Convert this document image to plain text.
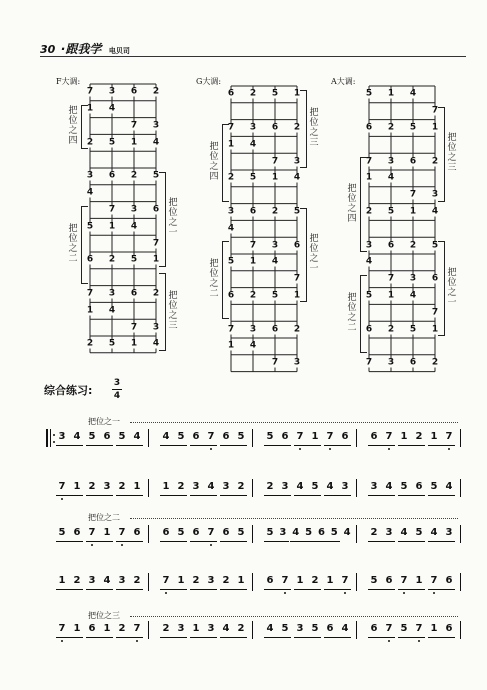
30 ·跟我学 电贝司
F大调:	G大调:	A大调:
7 3 6 2
1 4
7 3
2 5 1 4
3 6 2 5
4
7 3 6
5 1 4
7
6 2 5 1
7 3 6 2
1 4
7 3
2 5 1 4
把位之四
把位之一
把位之二
把位之三
6 2 5 1
7 3 6 2
1 4
7 3
2 5 1 4
3 6 2 5
4
7 3 6
5 1 4
7
6 2 5 1
7 3 6 2
1 4
7 3
把位之三
把位之四
把位之一
把位之二
5 1 4
7
6 2 5 1
7 3 6 2
1 4
7 3
2 5 1 4
3 6 2 5
4
7 3 6
5 1 4
7
6 2 5 1
7 3 6 2
把位之三
把位之四
把位之一
把位之二
综合练习:
3
4
把位之一
3 4 5 6 5 4 4 5 6 7 6 5 5 6 7 1 7 6 6 7 1 2 1 7
7 1 2 3 2 1 1 2 3 4 3 2 2 3 4 5 4 3 3 4 5 6 5 4
把位之二
5 6 7 1 7 6 6 5 6 7 6 5 5 3 4 5 6 5 4 2 3 4 5 4 3
1 2 3 4 3 2 7 1 2 3 2 1 6 7 1 2 1 7 5 6 7 1 7 6
把位之三
7 1 6 1 2 7 2 3 1 3 4 2 4 5 3 5 6 4 6 7 5 7 1 6
